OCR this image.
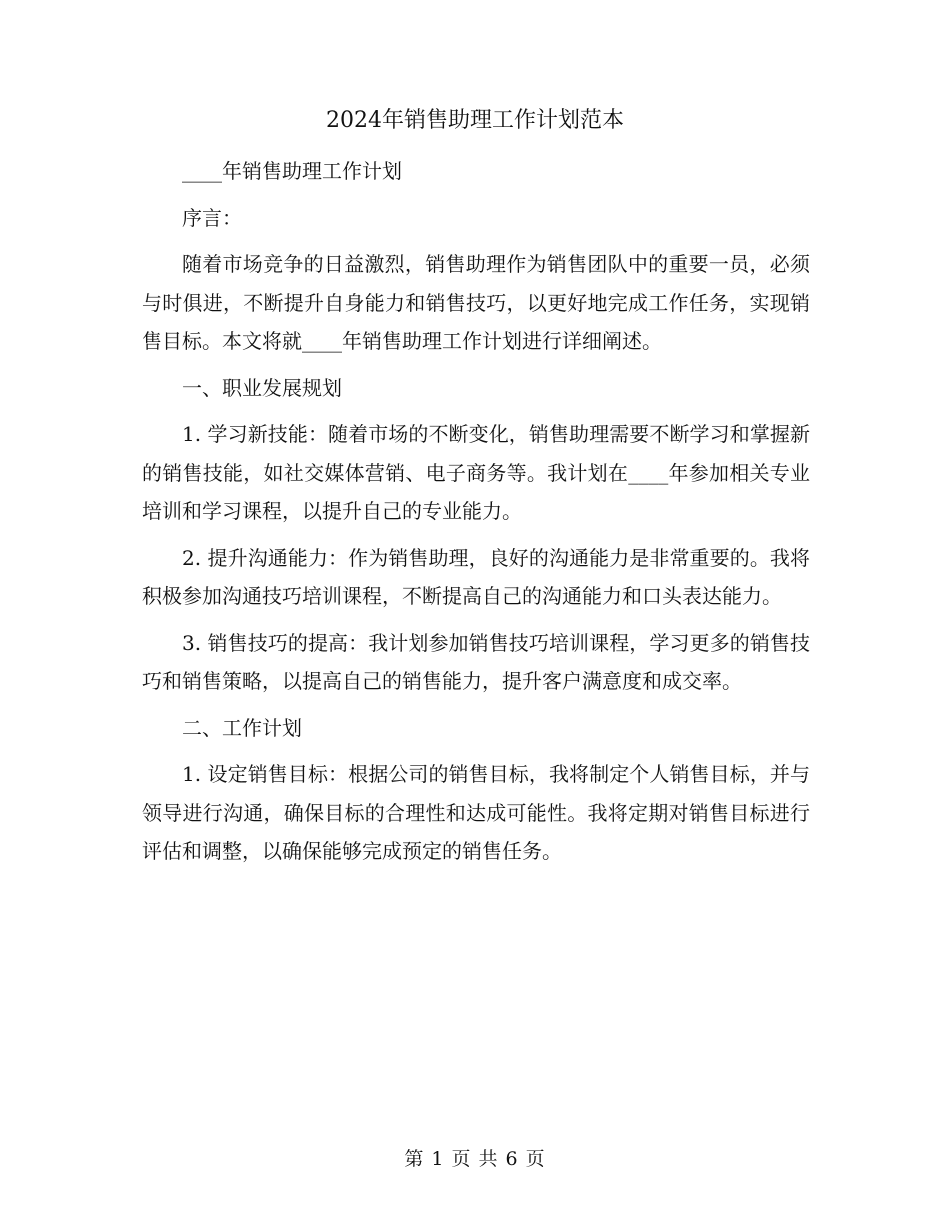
2024年销售助理工作计划范本

____年销售助理工作计划

序言：

随着市场竞争的日益激烈，销售助理作为销售团队中的重要一员，必须与时俱进，不断提升自身能力和销售技巧，以更好地完成工作任务，实现销售目标。本文将就____年销售助理工作计划进行详细阐述。

一、职业发展规划

1. 学习新技能：随着市场的不断变化，销售助理需要不断学习和掌握新的销售技能，如社交媒体营销、电子商务等。我计划在____年参加相关专业培训和学习课程，以提升自己的专业能力。

2. 提升沟通能力：作为销售助理，良好的沟通能力是非常重要的。我将积极参加沟通技巧培训课程，不断提高自己的沟通能力和口头表达能力。

3. 销售技巧的提高：我计划参加销售技巧培训课程，学习更多的销售技巧和销售策略，以提高自己的销售能力，提升客户满意度和成交率。

二、工作计划

1. 设定销售目标：根据公司的销售目标，我将制定个人销售目标，并与领导进行沟通，确保目标的合理性和达成可能性。我将定期对销售目标进行评估和调整，以确保能够完成预定的销售任务。

第 1 页 共 6 页
